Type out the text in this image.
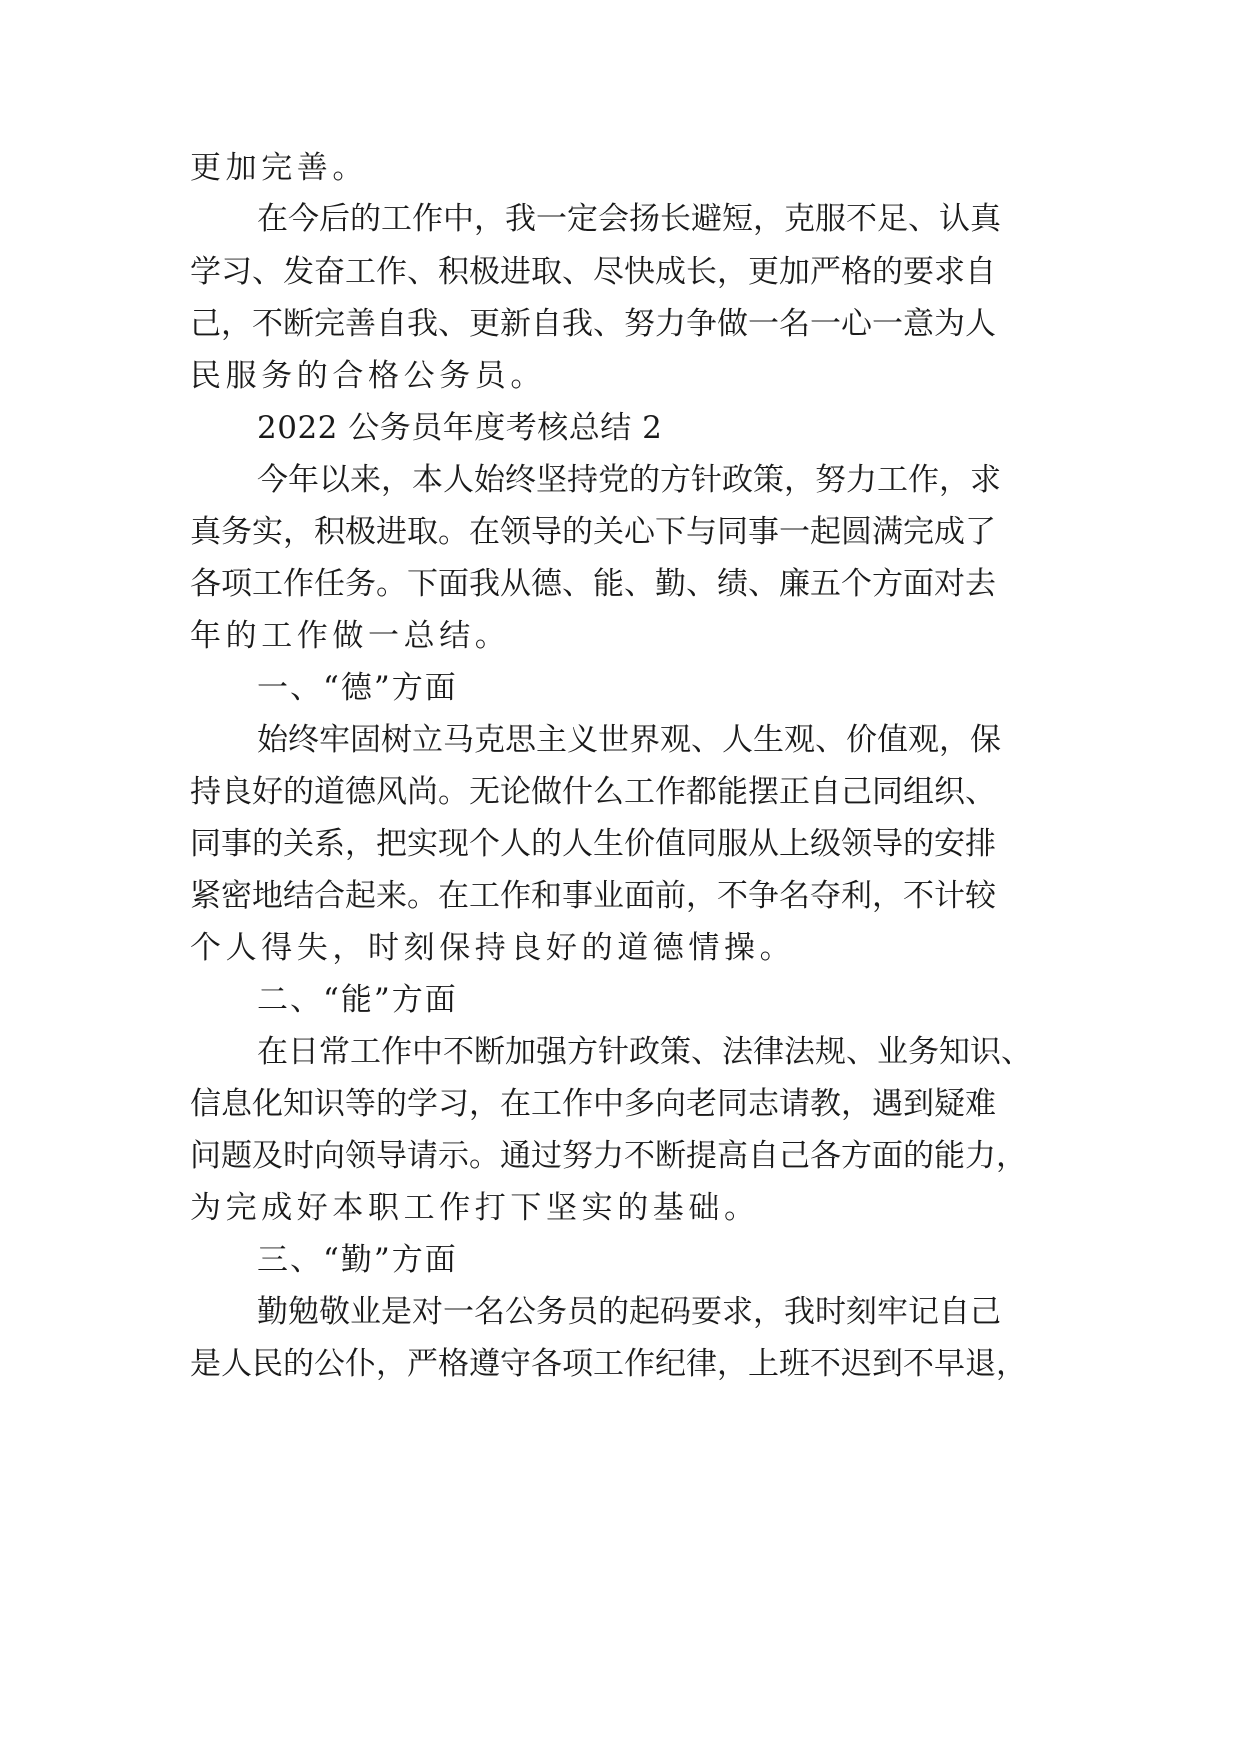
更加完善。
在今后的工作中，我一定会扬长避短，克服不足、认真
学习、发奋工作、积极进取、尽快成长，更加严格的要求自
己，不断完善自我、更新自我、努力争做一名一心一意为人
民服务的合格公务员。
2022 公务员年度考核总结 2
今年以来，本人始终坚持党的方针政策，努力工作，求
真务实，积极进取。在领导的关心下与同事一起圆满完成了
各项工作任务。下面我从德、能、勤、绩、廉五个方面对去
年的工作做一总结。
一、“德”方面
始终牢固树立马克思主义世界观、人生观、价值观，保
持良好的道德风尚。无论做什么工作都能摆正自己同组织、
同事的关系，把实现个人的人生价值同服从上级领导的安排
紧密地结合起来。在工作和事业面前，不争名夺利，不计较
个人得失，时刻保持良好的道德情操。
二、“能”方面
在日常工作中不断加强方针政策、法律法规、业务知识、
信息化知识等的学习，在工作中多向老同志请教，遇到疑难
问题及时向领导请示。通过努力不断提高自己各方面的能力，
为完成好本职工作打下坚实的基础。
三、“勤”方面
勤勉敬业是对一名公务员的起码要求，我时刻牢记自己
是人民的公仆，严格遵守各项工作纪律，上班不迟到不早退，
